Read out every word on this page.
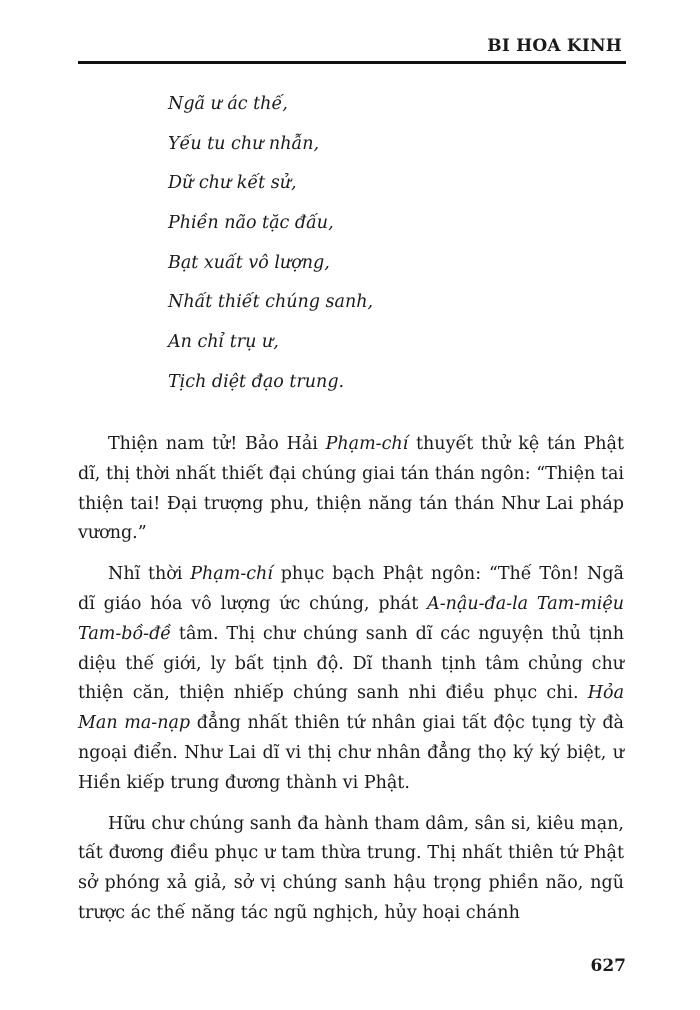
BI HOA KINH
Ngã ư ác thế,
Yếu tu chư nhẫn,
Dữ chư kết sử,
Phiền não tặc đấu,
Bạt xuất vô lượng,
Nhất thiết chúng sanh,
An chỉ trụ ư,
Tịch diệt đạo trung.

Thiện nam tử! Bảo Hải Phạm-chí thuyết thử kệ tán Phật dĩ, thị thời nhất thiết đại chúng giai tán thán ngôn: “Thiện tai thiện tai! Đại trượng phu, thiện năng tán thán Như Lai pháp vương.”

Nhĩ thời Phạm-chí phục bạch Phật ngôn: “Thế Tôn! Ngã dĩ giáo hóa vô lượng ức chúng, phát A-nậu-đa-la Tam-miệu Tam-bồ-đề tâm. Thị chư chúng sanh dĩ các nguyện thủ tịnh diệu thế giới, ly bất tịnh độ. Dĩ thanh tịnh tâm chủng chư thiện căn, thiện nhiếp chúng sanh nhi điều phục chi. Hỏa Man ma-nạp đẳng nhất thiên tứ nhân giai tất độc tụng tỳ đà ngoại điển. Như Lai dĩ vi thị chư nhân đẳng thọ ký ký biệt, ư Hiền kiếp trung đương thành vi Phật.

Hữu chư chúng sanh đa hành tham dâm, sân si, kiêu mạn, tất đương điều phục ư tam thừa trung. Thị nhất thiên tứ Phật sở phóng xả giả, sở vị chúng sanh hậu trọng phiền não, ngũ trược ác thế năng tác ngũ nghịch, hủy hoại chánh

627
